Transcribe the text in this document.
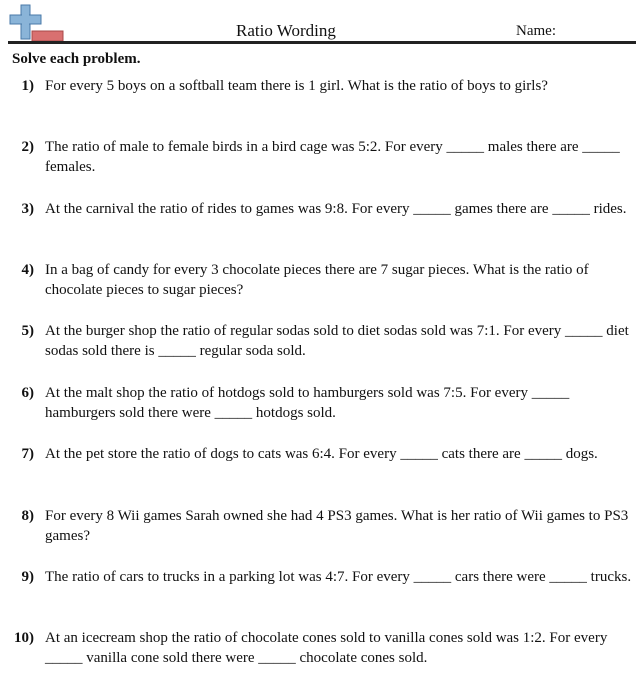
Ratio Wording	Name:
Solve each problem.
1) For every 5 boys on a softball team there is 1 girl. What is the ratio of boys to girls?
2) The ratio of male to female birds in a bird cage was 5:2. For every _____ males there are _____ females.
3) At the carnival the ratio of rides to games was 9:8. For every _____ games there are _____ rides.
4) In a bag of candy for every 3 chocolate pieces there are 7 sugar pieces. What is the ratio of chocolate pieces to sugar pieces?
5) At the burger shop the ratio of regular sodas sold to diet sodas sold was 7:1. For every _____ diet sodas sold there is _____ regular soda sold.
6) At the malt shop the ratio of hotdogs sold to hamburgers sold was 7:5. For every _____ hamburgers sold there were _____ hotdogs sold.
7) At the pet store the ratio of dogs to cats was 6:4. For every _____ cats there are _____ dogs.
8) For every 8 Wii games Sarah owned she had 4 PS3 games. What is her ratio of Wii games to PS3 games?
9) The ratio of cars to trucks in a parking lot was 4:7. For every _____ cars there were _____ trucks.
10) At an icecream shop the ratio of chocolate cones sold to vanilla cones sold was 1:2. For every _____ vanilla cone sold there were _____ chocolate cones sold.
